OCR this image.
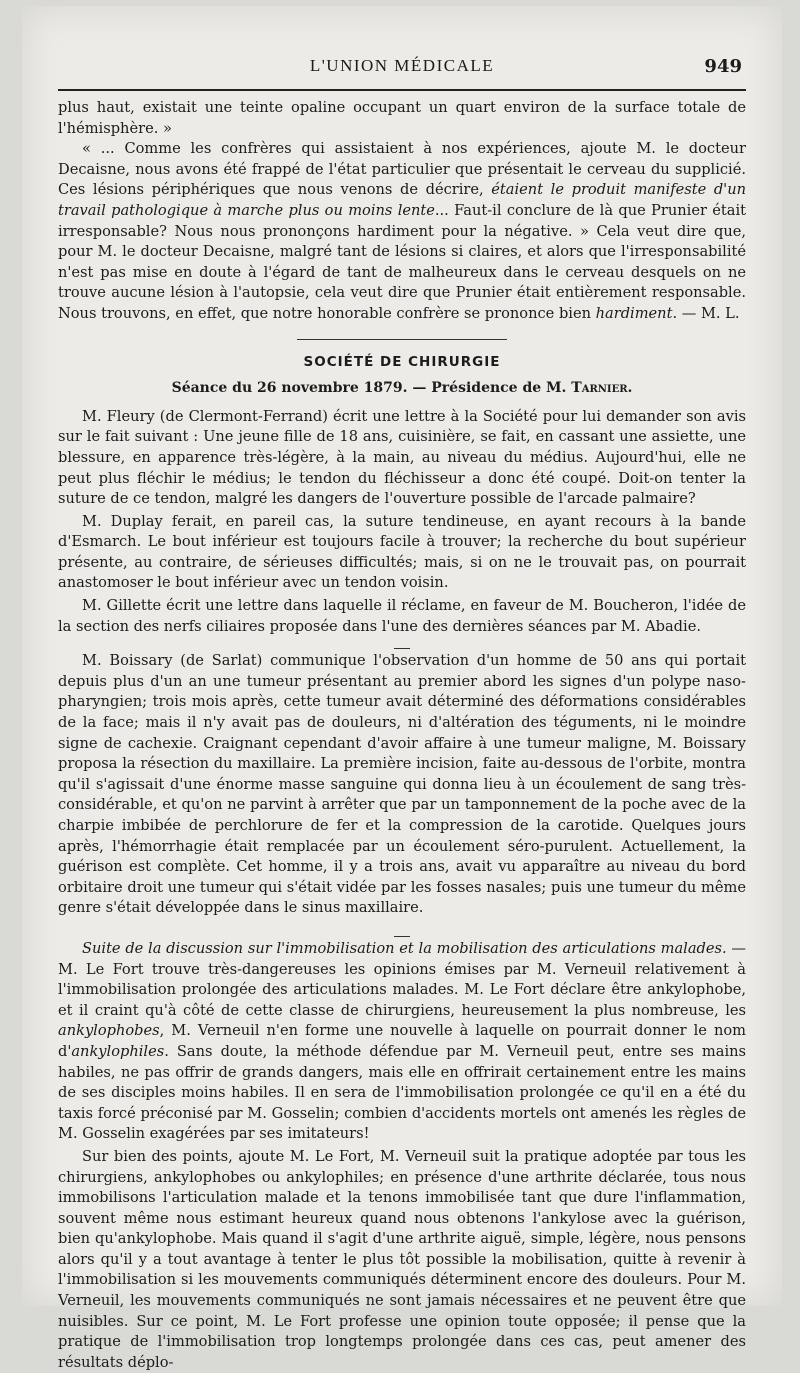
L'UNION MÉDICALE	949

plus haut, existait une teinte opaline occupant un quart environ de la surface totale de l'hémisphère. »

« ... Comme les confrères qui assistaient à nos expériences, ajoute M. le docteur Decaisne, nous avons été frappé de l'état particulier que présentait le cerveau du supplicié. Ces lésions périphériques que nous venons de décrire, étaient le produit manifeste d'un travail pathologique à marche plus ou moins lente... Faut-il conclure de là que Prunier était irresponsable? Nous nous prononçons hardiment pour la négative. » Cela veut dire que, pour M. le docteur Decaisne, malgré tant de lésions si claires, et alors que l'irresponsabilité n'est pas mise en doute à l'égard de tant de malheureux dans le cerveau desquels on ne trouve aucune lésion à l'autopsie, cela veut dire que Prunier était entièrement responsable. Nous trouvons, en effet, que notre honorable confrère se prononce bien hardiment. — M. L.

SOCIÉTÉ DE CHIRURGIE
Séance du 26 novembre 1879. — Présidence de M. Tarnier.

M. Fleury (de Clermont-Ferrand) écrit une lettre à la Société pour lui demander son avis sur le fait suivant : Une jeune fille de 18 ans, cuisinière, se fait, en cassant une assiette, une blessure, en apparence très-légère, à la main, au niveau du médius. Aujourd'hui, elle ne peut plus fléchir le médius; le tendon du fléchisseur a donc été coupé. Doit-on tenter la suture de ce tendon, malgré les dangers de l'ouverture possible de l'arcade palmaire?

M. Duplay ferait, en pareil cas, la suture tendineuse, en ayant recours à la bande d'Esmarch. Le bout inférieur est toujours facile à trouver; la recherche du bout supérieur présente, au contraire, de sérieuses difficultés; mais, si on ne le trouvait pas, on pourrait anastomoser le bout inférieur avec un tendon voisin.

M. Gillette écrit une lettre dans laquelle il réclame, en faveur de M. Boucheron, l'idée de la section des nerfs ciliaires proposée dans l'une des dernières séances par M. Abadie.

M. Boissary (de Sarlat) communique l'observation d'un homme de 50 ans qui portait depuis plus d'un an une tumeur présentant au premier abord les signes d'un polype naso-pharyngien; trois mois après, cette tumeur avait déterminé des déformations considérables de la face; mais il n'y avait pas de douleurs, ni d'altération des téguments, ni le moindre signe de cachexie. Craignant cependant d'avoir affaire à une tumeur maligne, M. Boissary proposa la résection du maxillaire. La première incision, faite au-dessous de l'orbite, montra qu'il s'agissait d'une énorme masse sanguine qui donna lieu à un écoulement de sang très-considérable, et qu'on ne parvint à arrêter que par un tamponnement de la poche avec de la charpie imbibée de perchlorure de fer et la compression de la carotide. Quelques jours après, l'hémorrhagie était remplacée par un écoulement séro-purulent. Actuellement, la guérison est complète. Cet homme, il y a trois ans, avait vu apparaître au niveau du bord orbitaire droit une tumeur qui s'était vidée par les fosses nasales; puis une tumeur du même genre s'était développée dans le sinus maxillaire.

Suite de la discussion sur l'immobilisation et la mobilisation des articulations malades. — M. Le Fort trouve très-dangereuses les opinions émises par M. Verneuil relativement à l'immobilisation prolongée des articulations malades. M. Le Fort déclare être ankylophobe, et il craint qu'à côté de cette classe de chirurgiens, heureusement la plus nombreuse, les ankylophobes, M. Verneuil n'en forme une nouvelle à laquelle on pourrait donner le nom d'ankylophiles. Sans doute, la méthode défendue par M. Verneuil peut, entre ses mains habiles, ne pas offrir de grands dangers, mais elle en offrirait certainement entre les mains de ses disciples moins habiles. Il en sera de l'immobilisation prolongée ce qu'il en a été du taxis forcé préconisé par M. Gosselin; combien d'accidents mortels ont amenés les règles de M. Gosselin exagérées par ses imitateurs!

Sur bien des points, ajoute M. Le Fort, M. Verneuil suit la pratique adoptée par tous les chirurgiens, ankylophobes ou ankylophiles; en présence d'une arthrite déclarée, tous nous immobilisons l'articulation malade et la tenons immobilisée tant que dure l'inflammation, souvent même nous estimant heureux quand nous obtenons l'ankylose avec la guérison, bien qu'ankylophobe. Mais quand il s'agit d'une arthrite aiguë, simple, légère, nous pensons alors qu'il y a tout avantage à tenter le plus tôt possible la mobilisation, quitte à revenir à l'immobilisation si les mouvements communiqués déterminent encore des douleurs. Pour M. Verneuil, les mouvements communiqués ne sont jamais nécessaires et ne peuvent être que nuisibles. Sur ce point, M. Le Fort professe une opinion toute opposée; il pense que la pratique de l'immobilisation trop longtemps prolongée dans ces cas, peut amener des résultats déplo-
